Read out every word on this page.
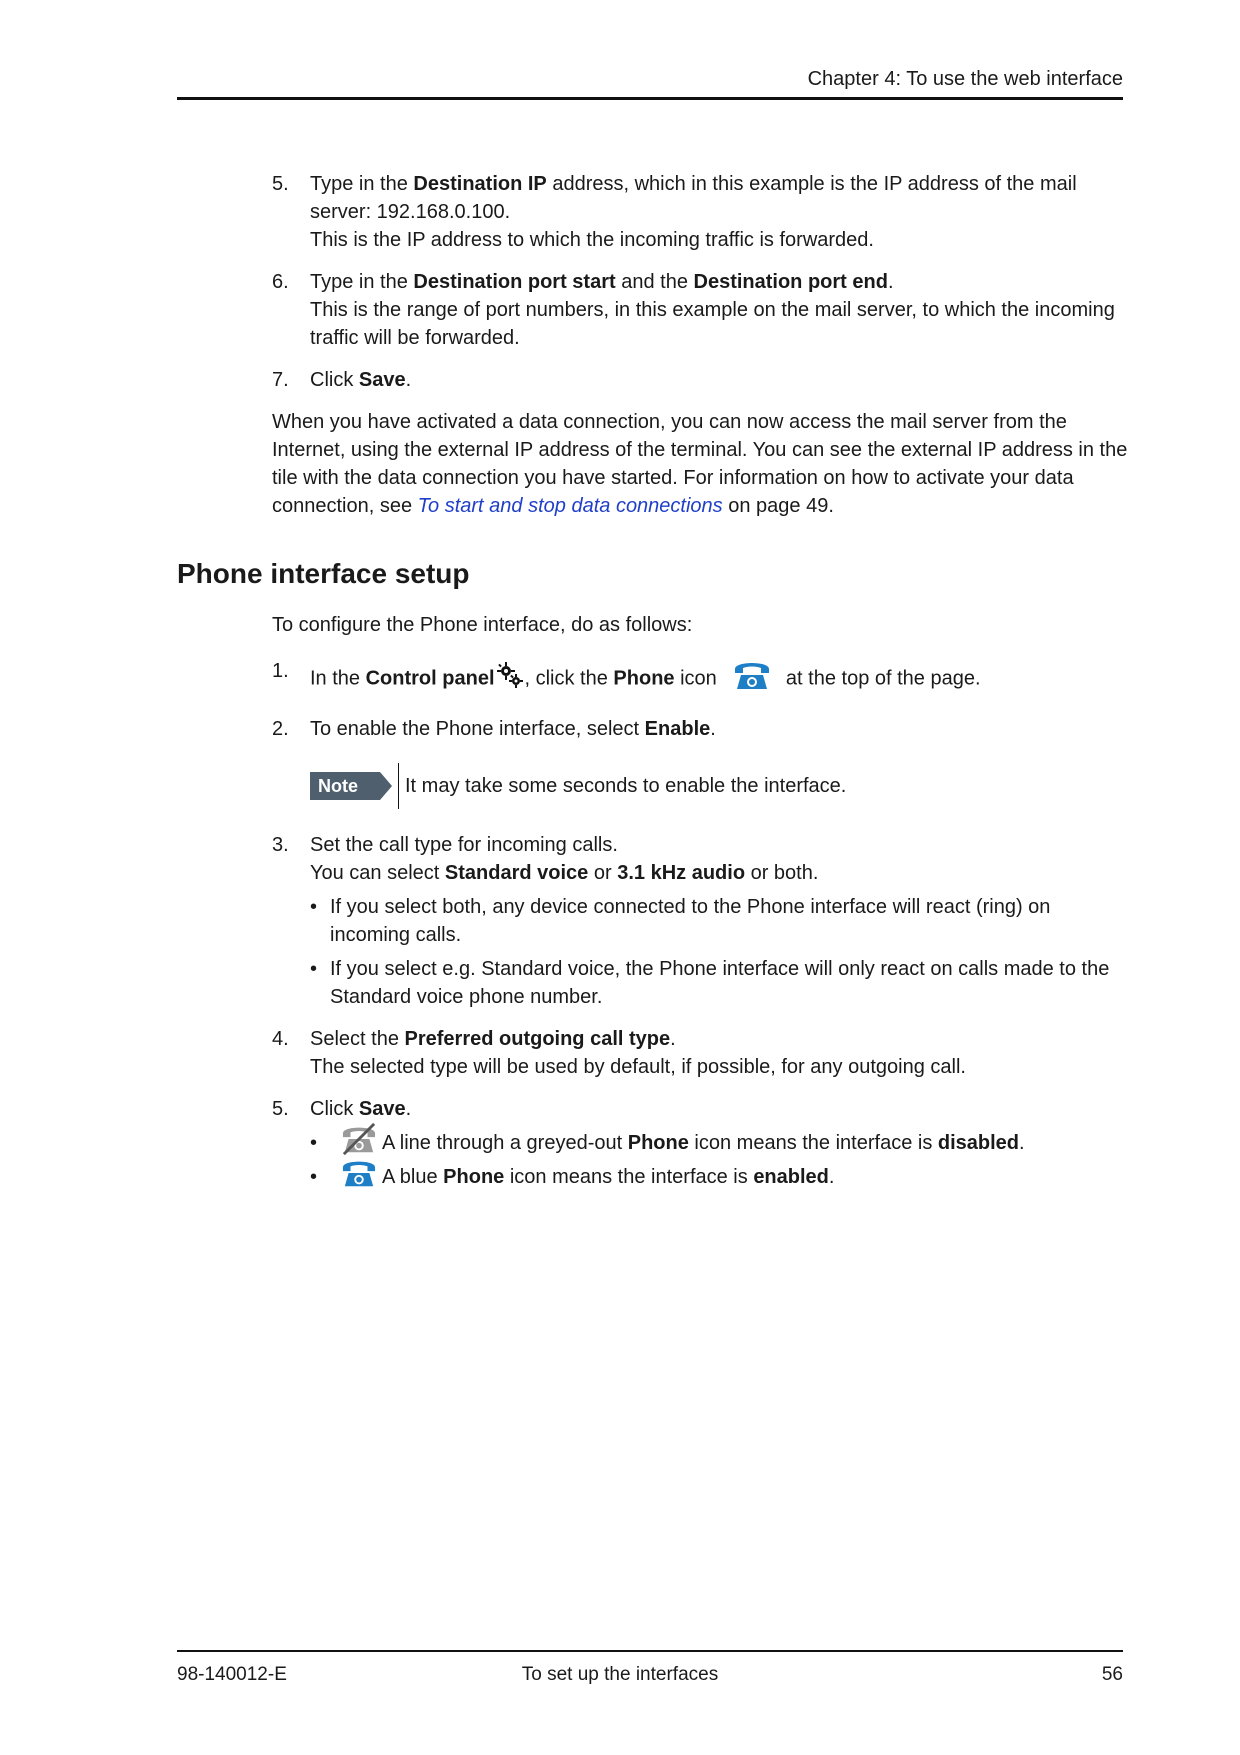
Chapter 4: To use the web interface
5. Type in the Destination IP address, which in this example is the IP address of the mail server: 192.168.0.100.

This is the IP address to which the incoming traffic is forwarded.

6. Type in the Destination port start and the Destination port end.

This is the range of port numbers, in this example on the mail server, to which the incoming traffic will be forwarded.

7. Click Save.

When you have activated a data connection, you can now access the mail server from the Internet, using the external IP address of the terminal. You can see the external IP address in the tile with the data connection you have started. For information on how to activate your data connection, see To start and stop data connections on page 49.

Phone interface setup

To configure the Phone interface, do as follows:

1. In the Control panel , click the Phone icon	at the top of the page.

2. To enable the Phone interface, select Enable.

Note	It may take some seconds to enable the interface.
3. Set the call type for incoming calls.

You can select Standard voice or 3.1 kHz audio or both.

• If you select both, any device connected to the Phone interface will react (ring) on incoming calls.
• If you select e.g. Standard voice, the Phone interface will only react on calls made to the Standard voice phone number.
4. Select the Preferred outgoing call type.

The selected type will be used by default, if possible, for any outgoing call.

5. Click Save.

•	A line through a greyed-out Phone icon means the interface is disabled.
•	A blue Phone icon means the interface is enabled.
98-140012-E	To set up the interfaces	56
